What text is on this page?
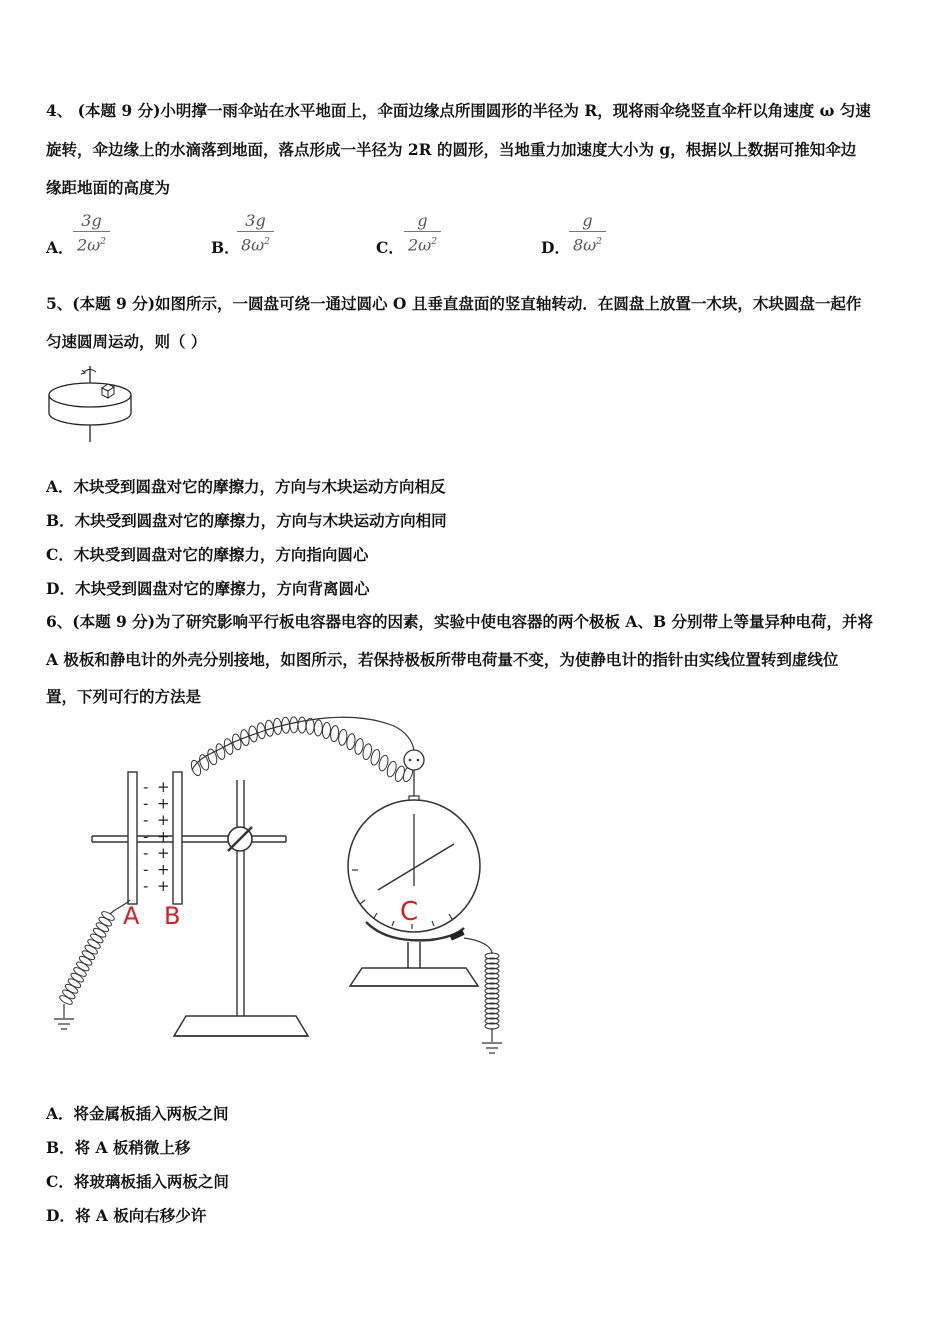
4、 (本题 9 分)小明撑一雨伞站在水平地面上，伞面边缘点所围圆形的半径为 R，现将雨伞绕竖直伞杆以角速度 ω 匀速
旋转，伞边缘上的水滴落到地面，落点形成一半径为 2R 的圆形，当地重力加速度大小为 g，根据以上数据可推知伞边
缘距地面的高度为
A．
3g
$2\omega^2$	B．
3g
$8\omega^2$	C．
g
$2\omega^2$	D．
g
$8\omega^2$
5、(本题 9 分)如图所示，一圆盘可绕一通过圆心 O 且垂直盘面的竖直轴转动．在圆盘上放置一木块，木块圆盘一起作
匀速圆周运动，则（ ）
A．木块受到圆盘对它的摩擦力，方向与木块运动方向相反
B．木块受到圆盘对它的摩擦力，方向与木块运动方向相同
C．木块受到圆盘对它的摩擦力，方向指向圆心
D．木块受到圆盘对它的摩擦力，方向背离圆心
6、(本题 9 分)为了研究影响平行板电容器电容的因素，实验中使电容器的两个极板 A、B 分别带上等量异种电荷，并将
A 极板和静电计的外壳分别接地，如图所示，若保持极板所带电荷量不变，为使静电计的指针由实线位置转到虚线位
置，下列可行的方法是
C
- +
- +
- +
- +
- +
- +
- +
A B
A．将金属板插入两板之间
B．将 A 板稍微上移
C．将玻璃板插入两板之间
D．将 A 板向右移少许
